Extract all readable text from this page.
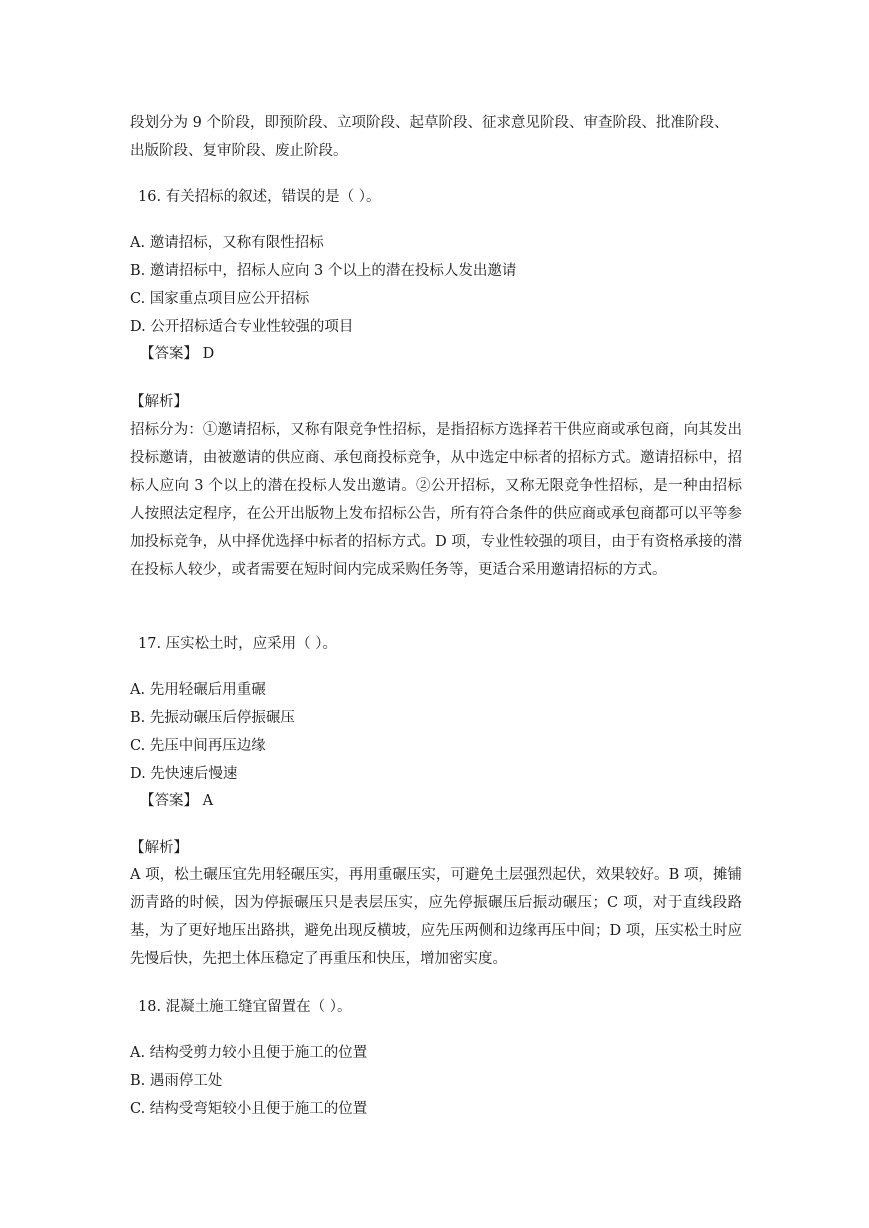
段划分为 9 个阶段，即预阶段、立项阶段、起草阶段、征求意见阶段、审查阶段、批准阶段、
出版阶段、复审阶段、废止阶段。
16. 有关招标的叙述，错误的是（ ）。
A. 邀请招标，又称有限性招标
B. 邀请招标中，招标人应向 3 个以上的潜在投标人发出邀请
C. 国家重点项目应公开招标
D. 公开招标适合专业性较强的项目
【答案】 D
【解析】
招标分为：①邀请招标，又称有限竞争性招标，是指招标方选择若干供应商或承包商，向其发出投标邀请，由被邀请的供应商、承包商投标竞争，从中选定中标者的招标方式。邀请招标中，招标人应向 3 个以上的潜在投标人发出邀请。②公开招标，又称无限竞争性招标，是一种由招标人按照法定程序，在公开出版物上发布招标公告，所有符合条件的供应商或承包商都可以平等参加投标竞争，从中择优选择中标者的招标方式。D 项，专业性较强的项目，由于有资格承接的潜在投标人较少，或者需要在短时间内完成采购任务等，更适合采用邀请招标的方式。
17. 压实松土时，应采用（ ）。
A. 先用轻碾后用重碾
B. 先振动碾压后停振碾压
C. 先压中间再压边缘
D. 先快速后慢速
【答案】 A
【解析】
A 项，松土碾压宜先用轻碾压实，再用重碾压实，可避免土层强烈起伏，效果较好。B 项，摊铺沥青路的时候，因为停振碾压只是表层压实，应先停振碾压后振动碾压；C 项，对于直线段路基，为了更好地压出路拱，避免出现反横坡，应先压两侧和边缘再压中间；D 项，压实松土时应先慢后快，先把土体压稳定了再重压和快压，增加密实度。
18. 混凝土施工缝宜留置在（ ）。
A. 结构受剪力较小且便于施工的位置
B. 遇雨停工处
C. 结构受弯矩较小且便于施工的位置
